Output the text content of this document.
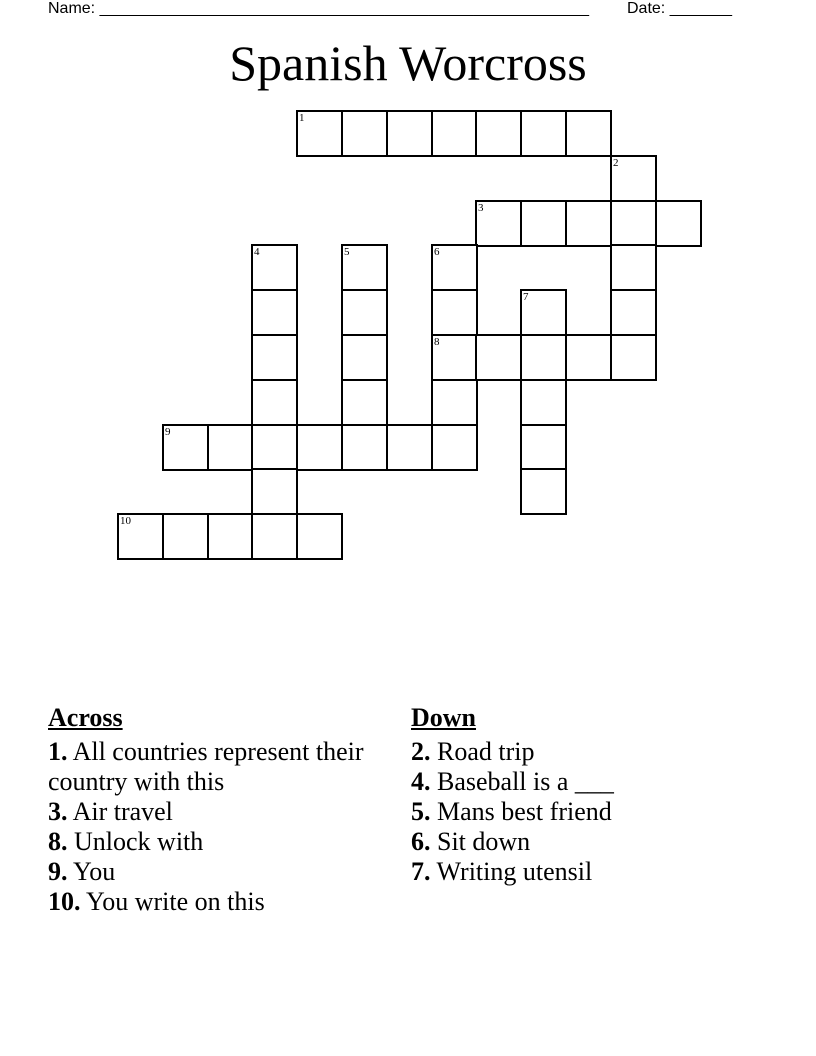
Name: _______________________________________________________ Date: _______
Spanish Worcross
1
2
3
4	5	6
7
8
9
10
Across
1. All countries represent their country with this
3. Air travel
8. Unlock with
9. You
10. You write on this
Down
2. Road trip
4. Baseball is a ___
5. Mans best friend
6. Sit down
7. Writing utensil
